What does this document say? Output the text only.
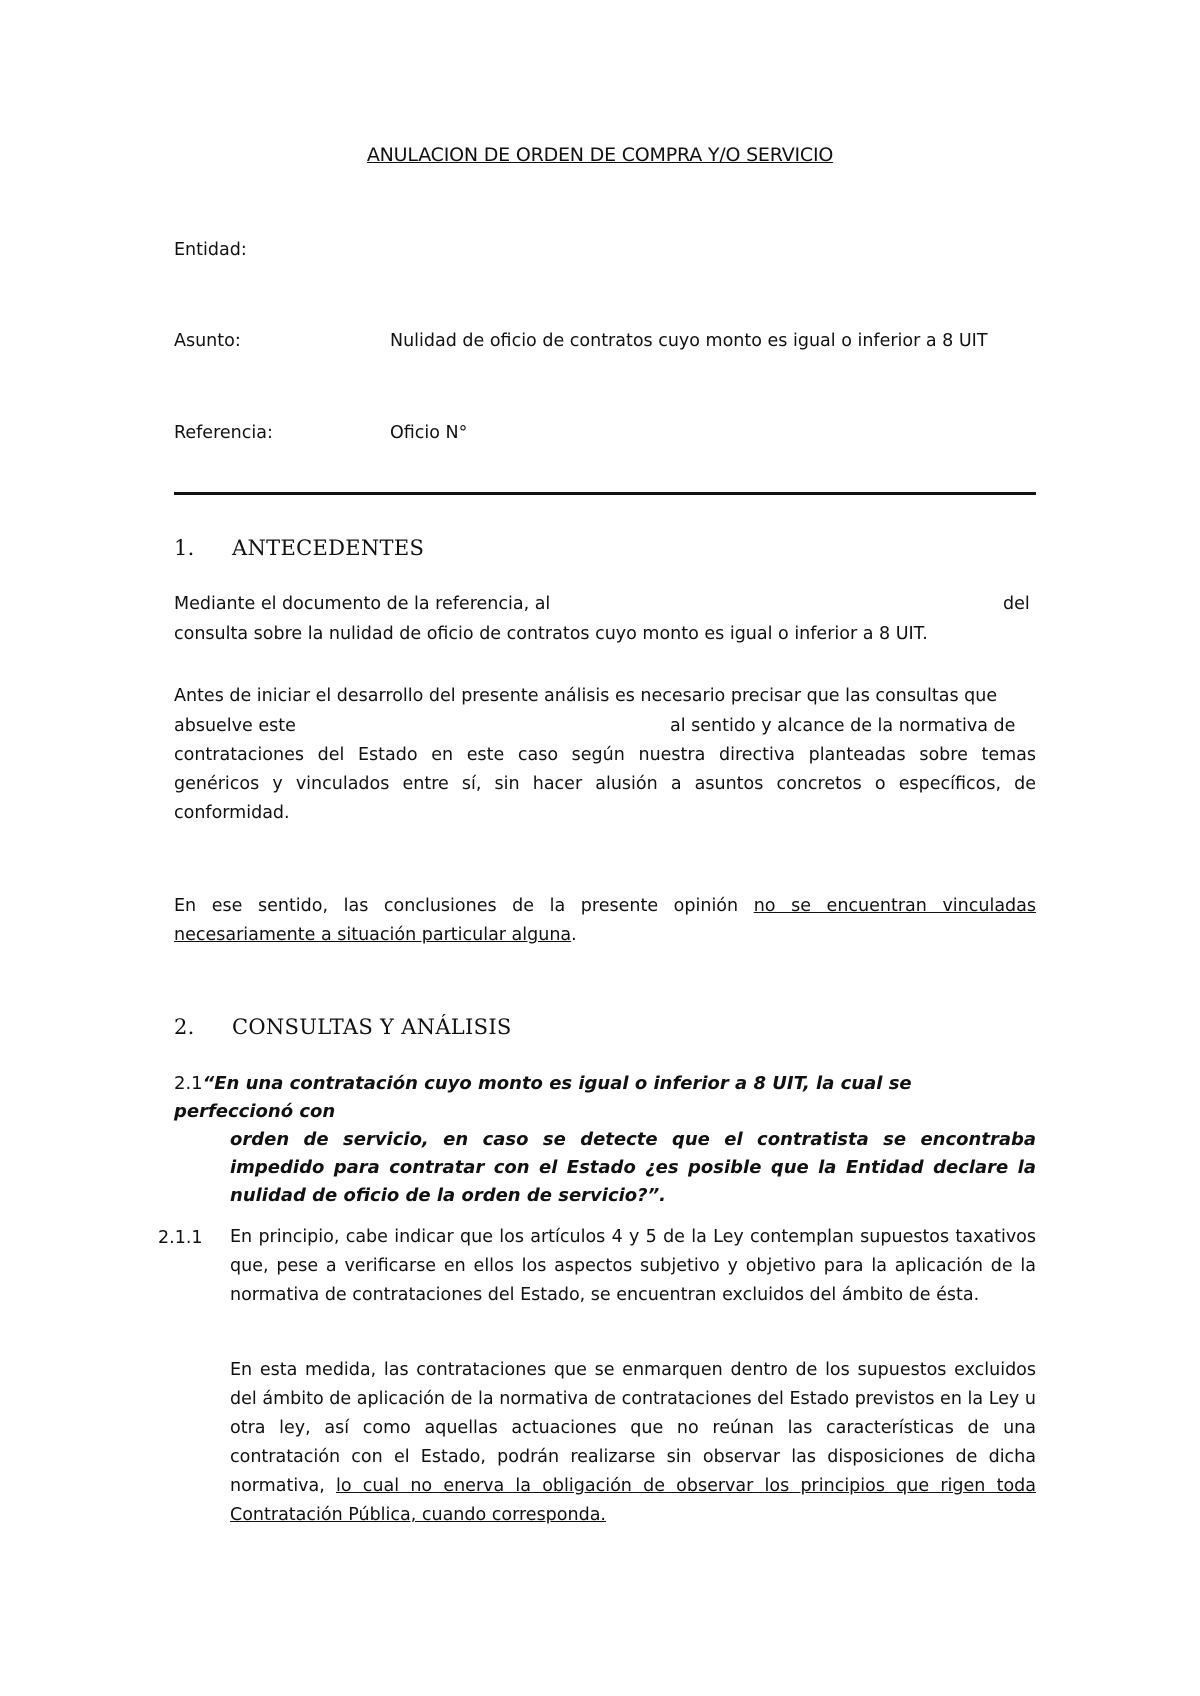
ANULACION DE ORDEN DE COMPRA Y/O SERVICIO
Entidad:
Asunto:	Nulidad de oficio de contratos cuyo monto es igual o inferior a 8 UIT
Referencia:	Oficio N°
1. ANTECEDENTES
Mediante el documento de la referencia, al	del
consulta sobre la nulidad de oficio de contratos cuyo monto es igual o inferior a 8 UIT.
Antes de iniciar el desarrollo del presente análisis es necesario precisar que las consultas que
absuelve este	al sentido y alcance de la normativa de
contrataciones del Estado en este caso según nuestra directiva planteadas sobre temas genéricos y vinculados entre sí, sin hacer alusión a asuntos concretos o específicos, de conformidad.
En ese sentido, las conclusiones de la presente opinión no se encuentran vinculadas necesariamente a situación particular alguna.
2. CONSULTAS Y ANÁLISIS
2.1“En una contratación cuyo monto es igual o inferior a 8 UIT, la cual se perfeccionó con
orden de servicio, en caso se detecte que el contratista se encontraba impedido para contratar con el Estado ¿es posible que la Entidad declare la nulidad de oficio de la orden de servicio?”.
2.1.1 En principio, cabe indicar que los artículos 4 y 5 de la Ley contemplan supuestos taxativos que, pese a verificarse en ellos los aspectos subjetivo y objetivo para la aplicación de la normativa de contrataciones del Estado, se encuentran excluidos del ámbito de ésta.
En esta medida, las contrataciones que se enmarquen dentro de los supuestos excluidos del ámbito de aplicación de la normativa de contrataciones del Estado previstos en la Ley u otra ley, así como aquellas actuaciones que no reúnan las características de una contratación con el Estado, podrán realizarse sin observar las disposiciones de dicha normativa, lo cual no enerva la obligación de observar los principios que rigen toda Contratación Pública, cuando corresponda.
